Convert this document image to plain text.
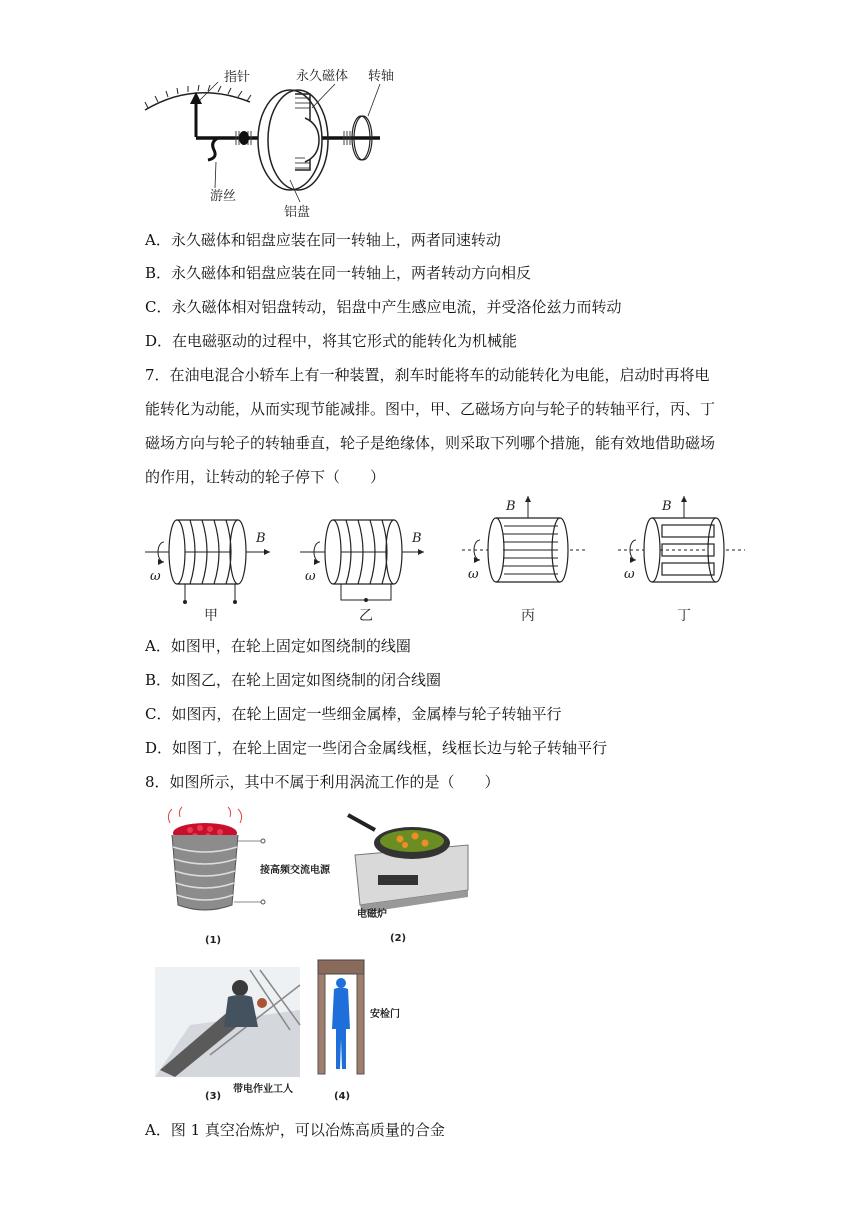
指针	永久磁体 转轴
游丝
铝盘
A．永久磁体和铝盘应装在同一转轴上，两者同速转动
B．永久磁体和铝盘应装在同一转轴上，两者转动方向相反
C．永久磁体相对铝盘转动，铝盘中产生感应电流，并受洛伦兹力而转动
D．在电磁驱动的过程中，将其它形式的能转化为机械能
7．在油电混合小轿车上有一种装置，刹车时能将车的动能转化为电能，启动时再将电
能转化为动能，从而实现节能减排。图中，甲、乙磁场方向与轮子的转轴平行，丙、丁
磁场方向与轮子的转轴垂直，轮子是绝缘体，则采取下列哪个措施，能有效地借助磁场
的作用，让转动的轮子停下（　　）
B	B
B	B
ω	ω	ω	ω
甲	乙	丙	丁
A．如图甲，在轮上固定如图绕制的线圈
B．如图乙，在轮上固定如图绕制的闭合线圈
C．如图丙，在轮上固定一些细金属棒，金属棒与轮子转轴平行
D．如图丁，在轮上固定一些闭合金属线框，线框长边与轮子转轴平行
8．如图所示，其中不属于利用涡流工作的是（　　）
接高频交流电源
(1)
电磁炉
(2)
带电作业工人
(3)
安检门
(4)
A．图 1 真空冶炼炉，可以冶炼高质量的合金
